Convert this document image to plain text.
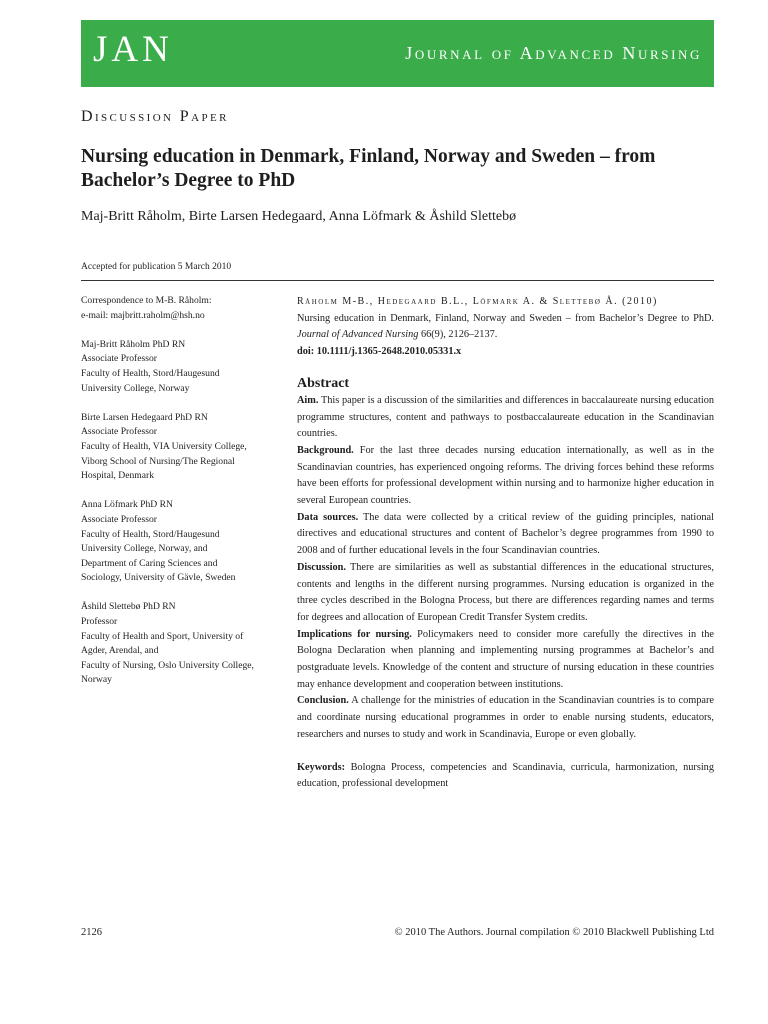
JAN	Journal of Advanced Nursing
Discussion Paper
Nursing education in Denmark, Finland, Norway and Sweden – from Bachelor’s Degree to PhD
Maj-Britt Råholm, Birte Larsen Hedegaard, Anna Löfmark & Åshild Slettebø
Accepted for publication 5 March 2010
Correspondence to M-B. Råholm:
e-mail: majbritt.raholm@hsh.no
Maj-Britt Råholm PhD RN
Associate Professor
Faculty of Health, Stord/Haugesund
University College, Norway
Birte Larsen Hedegaard PhD RN
Associate Professor
Faculty of Health, VIA University College,
Viborg School of Nursing/The Regional
Hospital, Denmark
Anna Löfmark PhD RN
Associate Professor
Faculty of Health, Stord/Haugesund
University College, Norway, and
Department of Caring Sciences and
Sociology, University of Gävle, Sweden
Åshild Slettebø PhD RN
Professor
Faculty of Health and Sport, University of
Agder, Arendal, and
Faculty of Nursing, Oslo University College,
Norway
Råholm M-B., Hedegaard B.L., Löfmark A. & Slettebø Å. (2010)
Nursing education in Denmark, Finland, Norway and Sweden – from Bachelor’s Degree to PhD. Journal of Advanced Nursing 66(9), 2126–2137.
doi: 10.1111/j.1365-2648.2010.05331.x
Abstract

Aim. This paper is a discussion of the similarities and differences in baccalaureate nursing education programme structures, content and pathways to postbaccalaureate education in the Scandinavian countries.

Background. For the last three decades nursing education internationally, as well as in the Scandinavian countries, has experienced ongoing reforms. The driving forces behind these reforms have been efforts for professional development within nursing and to harmonize higher education in several European countries.

Data sources. The data were collected by a critical review of the guiding principles, national directives and educational structures and content of Bachelor’s degree programmes from 1990 to 2008 and of further educational levels in the four Scandinavian countries.

Discussion. There are similarities as well as substantial differences in the educational structures, contents and lengths in the different nursing programmes. Nursing education is organized in the three cycles described in the Bologna Process, but there are differences regarding names and terms for degrees and allocation of European Credit Transfer System credits.

Implications for nursing. Policymakers need to consider more carefully the directives in the Bologna Declaration when planning and implementing nursing programmes at Bachelor’s and postgraduate levels. Knowledge of the content and structure of nursing education in these countries may enhance development and cooperation between institutions.

Conclusion. A challenge for the ministries of education in the Scandinavian countries is to compare and coordinate nursing educational programmes in order to enable nursing students, educators, researchers and nurses to study and work in Scandinavia, Europe or even globally.

Keywords: Bologna Process, competencies and Scandinavia, curricula, harmonization, nursing education, professional development

2126	© 2010 The Authors. Journal compilation © 2010 Blackwell Publishing Ltd
